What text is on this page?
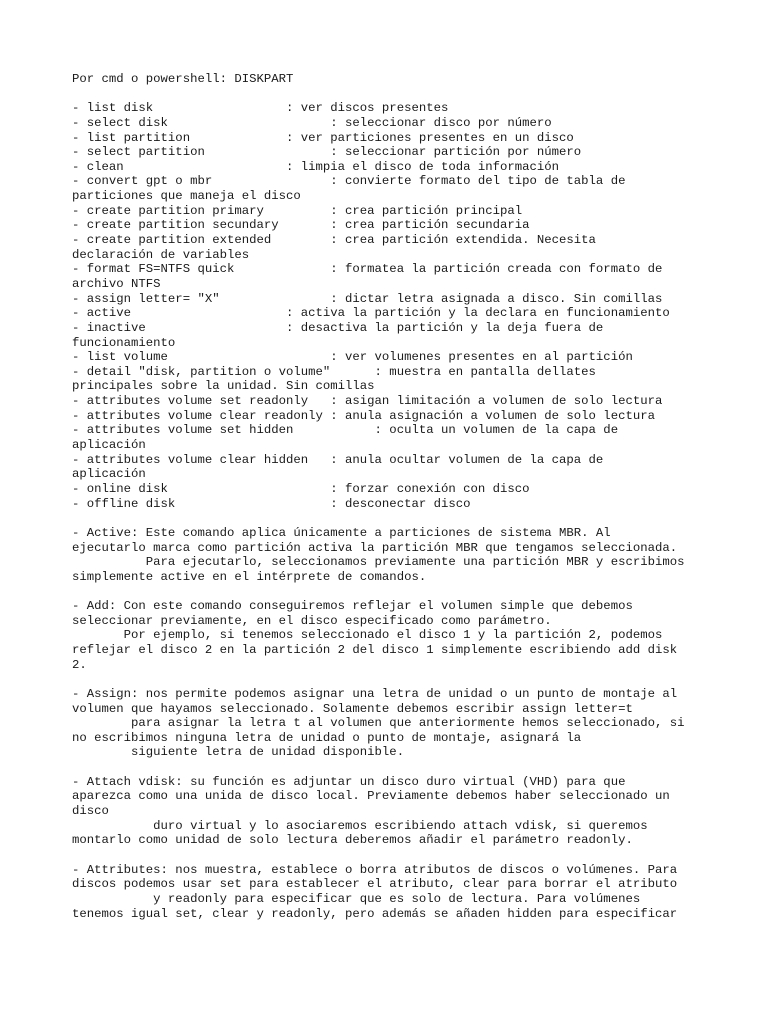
Por cmd o powershell: DISKPART
- list disk                  : ver discos presentes
- select disk                      : seleccionar disco por número
- list partition             : ver particiones presentes en un disco
- select partition                 : seleccionar partición por número
- clean                      : limpia el disco de toda información
- convert gpt o mbr                : convierte formato del tipo de tabla de
particiones que maneja el disco
- create partition primary         : crea partición principal
- create partition secundary       : crea partición secundaria
- create partition extended        : crea partición extendida. Necesita
declaración de variables
- format FS=NTFS quick             : formatea la partición creada con formato de
archivo NTFS
- assign letter= "X"               : dictar letra asignada a disco. Sin comillas
- active                     : activa la partición y la declara en funcionamiento
- inactive                   : desactiva la partición y la deja fuera de
funcionamiento
- list volume                      : ver volumenes presentes en al partición
- detail "disk, partition o volume"      : muestra en pantalla dellates
principales sobre la unidad. Sin comillas
- attributes volume set readonly   : asigan limitación a volumen de solo lectura
- attributes volume clear readonly : anula asignación a volumen de solo lectura
- attributes volume set hidden           : oculta un volumen de la capa de
aplicación
- attributes volume clear hidden   : anula ocultar volumen de la capa de
aplicación
- online disk                      : forzar conexión con disco
- offline disk                     : desconectar disco
- Active: Este comando aplica únicamente a particiones de sistema MBR. Al
ejecutarlo marca como partición activa la partición MBR que tengamos seleccionada.
Para ejecutarlo, seleccionamos previamente una partición MBR y escribimos
simplemente active en el intérprete de comandos.
- Add: Con este comando conseguiremos reflejar el volumen simple que debemos
seleccionar previamente, en el disco especificado como parámetro.
Por ejemplo, si tenemos seleccionado el disco 1 y la partición 2, podemos
reflejar el disco 2 en la partición 2 del disco 1 simplemente escribiendo add disk
2.
- Assign: nos permite podemos asignar una letra de unidad o un punto de montaje al
volumen que hayamos seleccionado. Solamente debemos escribir assign letter=t
para asignar la letra t al volumen que anteriormente hemos seleccionado, si
no escribimos ninguna letra de unidad o punto de montaje, asignará la
siguiente letra de unidad disponible.
- Attach vdisk: su función es adjuntar un disco duro virtual (VHD) para que
aparezca como una unida de disco local. Previamente debemos haber seleccionado un
disco
duro virtual y lo asociaremos escribiendo attach vdisk, si queremos
montarlo como unidad de solo lectura deberemos añadir el parámetro readonly.
- Attributes: nos muestra, establece o borra atributos de discos o volúmenes. Para
discos podemos usar set para establecer el atributo, clear para borrar el atributo
y readonly para especificar que es solo de lectura. Para volúmenes
tenemos igual set, clear y readonly, pero además se añaden hidden para especificar
